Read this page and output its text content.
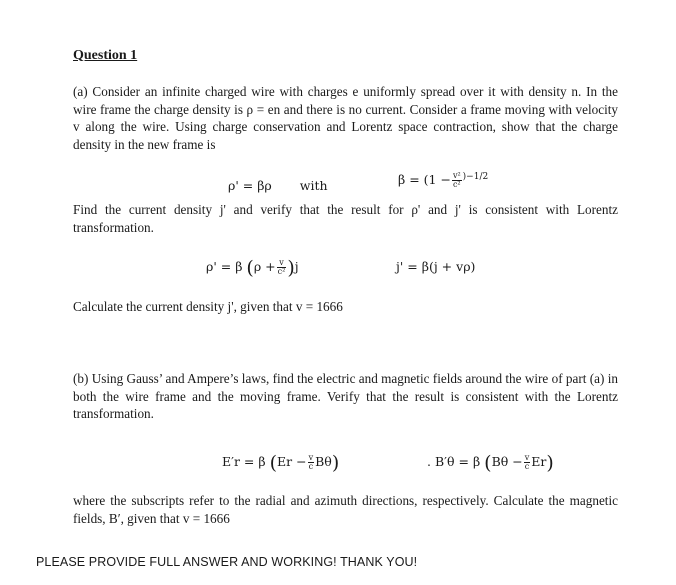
Question 1
(a) Consider an infinite charged wire with charges e uniformly spread over it with density n. In the wire frame the charge density is ρ = en and there is no current. Consider a frame moving with velocity v along the wire. Using charge conservation and Lorentz space contraction, show that the charge density in the new frame is
ρ' = βρ with	$\beta = (1 - \frac{\text{v²}}{\text{c²}} ^{)-1/2}$
Find the current density j' and verify that the result for ρ' and j' is consistent with Lorentz transformation.
ρ' = β $(\rho + \frac{v}{\text{c²}} )j$	j' = β(j + vρ)
Calculate the current density j', given that v = 1666
(b) Using Gauss’ and Ampere’s laws, find the electric and magnetic fields around the wire of part (a) in both the wire frame and the moving frame. Verify that the result is consistent with the Lorentz transformation.
E′r = β $(Er - \frac{v}{c} B\theta)$	. B′θ = β $(B\theta - \frac{v}{c} Er)$
where the subscripts refer to the radial and azimuth directions, respectively. Calculate the magnetic fields, B′, given that v = 1666
PLEASE PROVIDE FULL ANSWER AND WORKING! THANK YOU!
